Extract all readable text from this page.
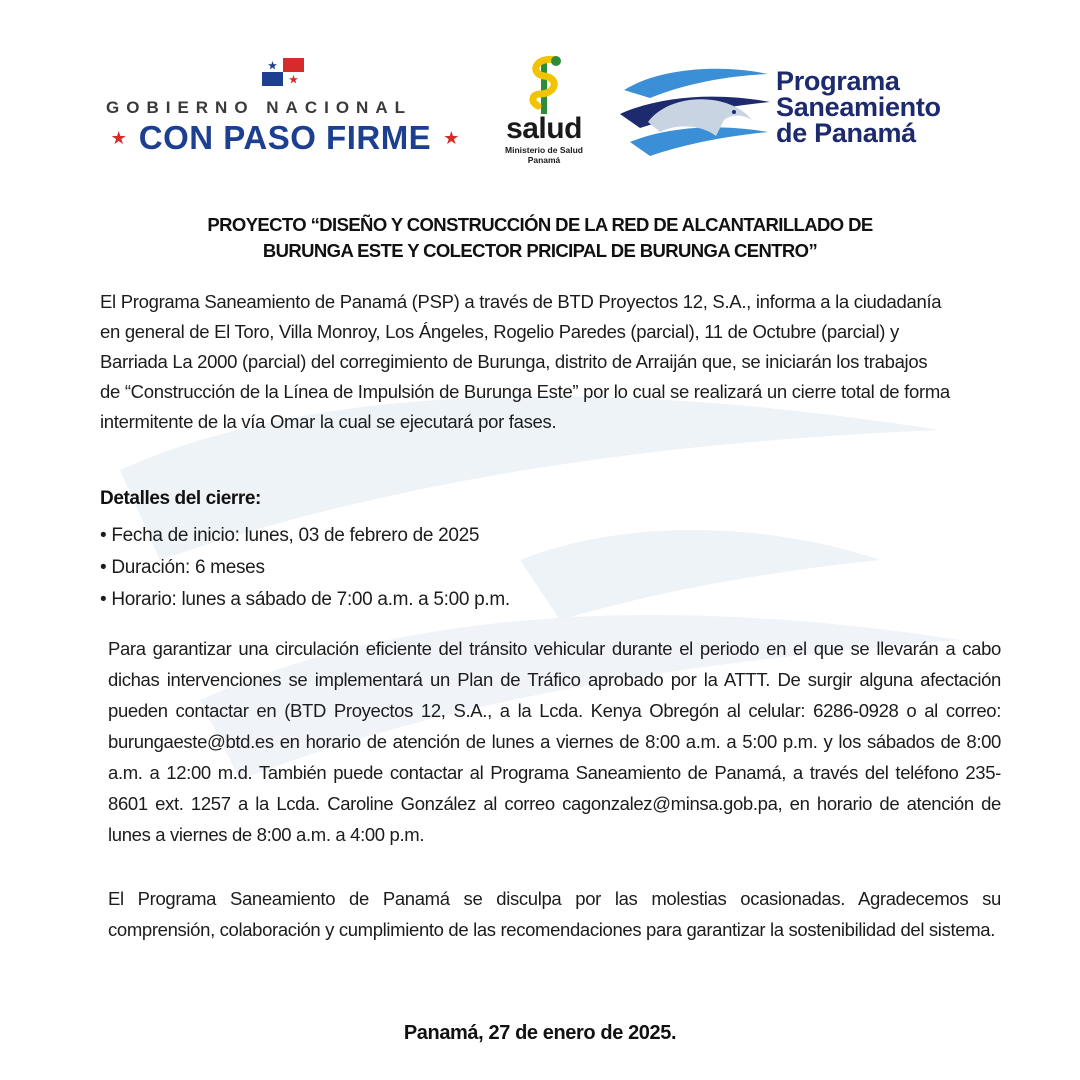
GOBIERNO NACIONAL
★ CON PASO FIRME ★	salud
Ministerio de Salud
Panamá
Programa
Saneamiento
de Panamá
PROYECTO “DISEÑO Y CONSTRUCCIÓN DE LA RED DE ALCANTARILLADO DE
BURUNGA ESTE Y COLECTOR PRICIPAL DE BURUNGA CENTRO”

El Programa Saneamiento de Panamá (PSP) a través de BTD Proyectos 12, S.A., informa a la ciudadanía en general de El Toro, Villa Monroy, Los Ángeles, Rogelio Paredes (parcial), 11 de Octubre (parcial) y Barriada La 2000 (parcial) del corregimiento de Burunga, distrito de Arraiján que, se iniciarán los trabajos de “Construcción de la Línea de Impulsión de Burunga Este” por lo cual se realizará un cierre total de forma intermitente de la vía Omar la cual se ejecutará por fases.

Detalles del cierre:
• Fecha de inicio: lunes, 03 de febrero de 2025
• Duración: 6 meses
• Horario: lunes a sábado de 7:00 a.m. a 5:00 p.m.

Para garantizar una circulación eficiente del tránsito vehicular durante el periodo en el que se llevarán a cabo dichas intervenciones se implementará un Plan de Tráfico aprobado por la ATTT. De surgir alguna afectación pueden contactar en (BTD Proyectos 12, S.A., a la Lcda. Kenya Obregón al celular: 6286-0928 o al correo: burungaeste@btd.es en horario de atención de lunes a viernes de 8:00 a.m. a 5:00 p.m. y los sábados de 8:00 a.m. a 12:00 m.d. También puede contactar al Programa Saneamiento de Panamá, a través del teléfono 235-8601 ext. 1257 a la Lcda. Caroline González al correo cagonzalez@minsa.gob.pa, en horario de atención de lunes a viernes de 8:00 a.m. a 4:00 p.m.

El Programa Saneamiento de Panamá se disculpa por las molestias ocasionadas. Agradecemos su comprensión, colaboración y cumplimiento de las recomendaciones para garantizar la sostenibilidad del sistema.

Panamá, 27 de enero de 2025.
